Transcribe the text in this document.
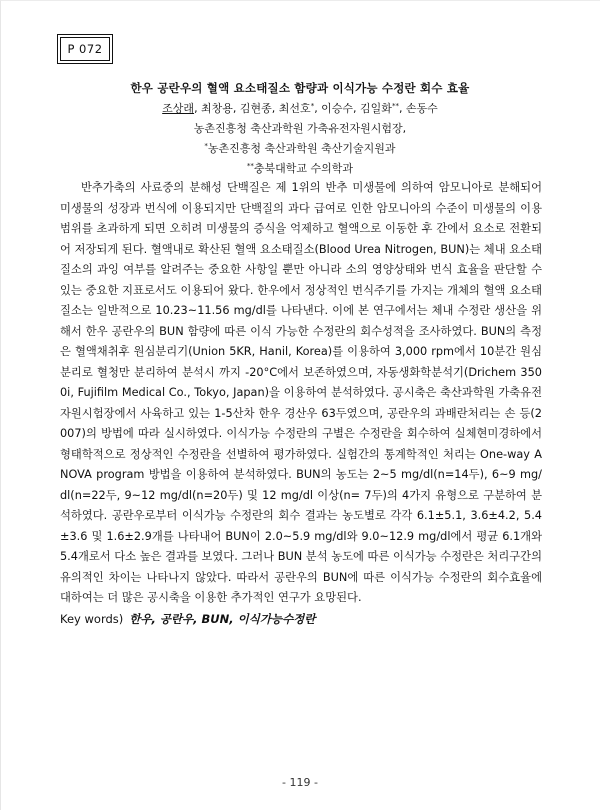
P 072
한우 공란우의 혈액 요소태질소 함량과 이식가능 수정란 회수 효율
조상래, 최창용, 김현종, 최선호*, 이승수, 김일화**, 손동수
농촌진흥청 축산과학원 가축유전자원시험장,
*농촌진흥청 축산과학원 축산기술지원과
**충북대학교 수의학과

반추가축의 사료중의 분해성 단백질은 제 1위의 반추 미생물에 의하여 암모니아로 분해되어 미생물의 성장과 번식에 이용되지만 단백질의 과다 급여로 인한 암모니아의 수준이 미생물의 이용범위를 초과하게 되면 오히려 미생물의 증식을 억제하고 혈액으로 이동한 후 간에서 요소로 전환되어 저장되게 된다. 혈액내로 확산된 혈액 요소태질소(Blood Urea Nitrogen, BUN)는 체내 요소태질소의 과잉 여부를 알려주는 중요한 사항일 뿐만 아니라 소의 영양상태와 번식 효율을 판단할 수 있는 중요한 지표로서도 이용되어 왔다. 한우에서 정상적인 번식주기를 가지는 개체의 혈액 요소태질소는 일반적으로 10.23~11.56 mg/dl를 나타낸다. 이에 본 연구에서는 체내 수정란 생산을 위해서 한우 공란우의 BUN 함량에 따른 이식 가능한 수정란의 회수성적을 조사하였다. BUN의 측정은 혈액채취후 원심분리기(Union 5KR, Hanil, Korea)를 이용하여 3,000 rpm에서 10분간 원심분리로 혈청만 분리하여 분석시 까지 -20°C에서 보존하였으며, 자동생화학분석기(Drichem 3500i, Fujifilm Medical Co., Tokyo, Japan)을 이용하여 분석하였다. 공시축은 축산과학원 가축유전자원시험장에서 사육하고 있는 1-5산차 한우 경산우 63두였으며, 공란우의 과배란처리는 손 등(2007)의 방법에 따라 실시하였다. 이식가능 수정란의 구별은 수정란을 회수하여 실체현미경하에서 형태학적으로 정상적인 수정란을 선별하여 평가하였다. 실험간의 통계학적인 처리는 One-way ANOVA program 방법을 이용하여 분석하였다. BUN의 농도는 2~5 mg/dl(n=14두), 6~9 mg/dl(n=22두, 9~12 mg/dl(n=20두) 및 12 mg/dl 이상(n= 7두)의 4가지 유형으로 구분하여 분석하였다. 공란우로부터 이식가능 수정란의 회수 결과는 농도별로 각각 6.1±5.1, 3.6±4.2, 5.4±3.6 및 1.6±2.9개를 나타내어 BUN이 2.0~5.9 mg/dl와 9.0~12.9 mg/dl에서 평균 6.1개와 5.4개로서 다소 높은 결과를 보였다. 그러나 BUN 분석 농도에 따른 이식가능 수정란은 처리구간의 유의적인 차이는 나타나지 않았다. 따라서 공란우의 BUN에 따른 이식가능 수정란의 회수효율에 대하여는 더 많은 공시축을 이용한 추가적인 연구가 요망된다.

Key words) 한우, 공란우, BUN, 이식가능수정란
- 119 -
